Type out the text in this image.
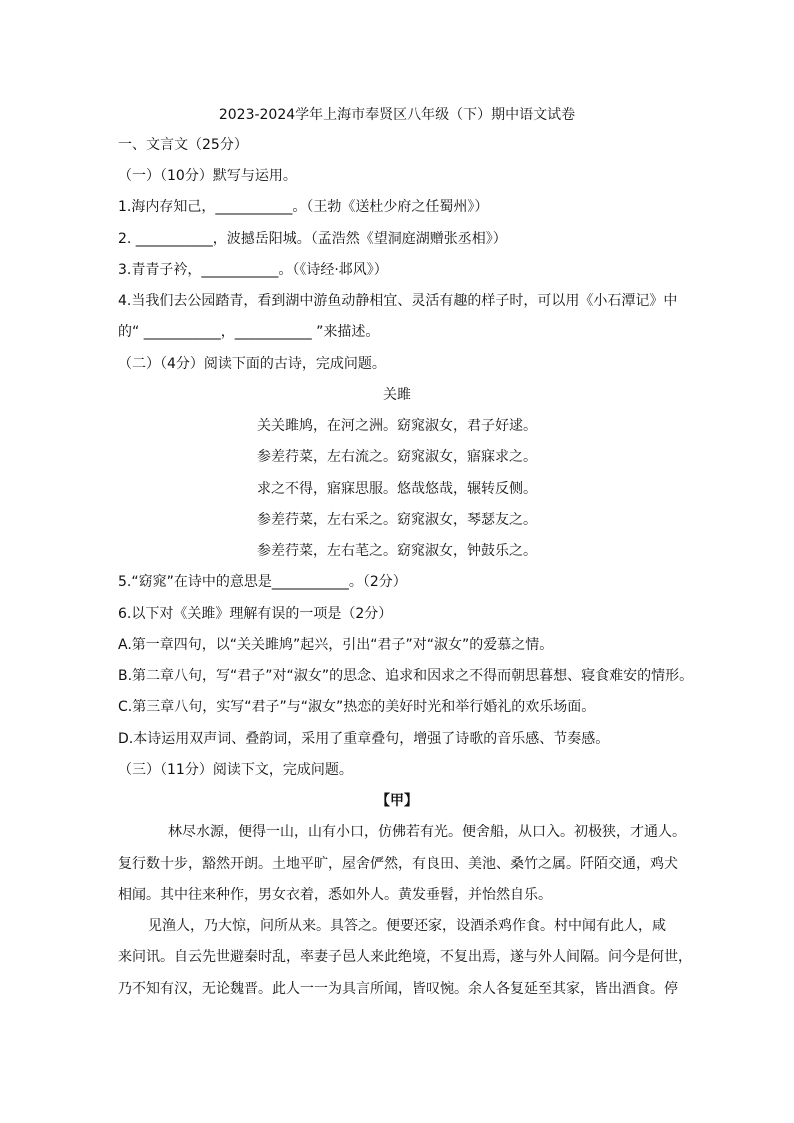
2023-2024学年上海市奉贤区八年级（下）期中语文试卷
一、文言文（25分）
（一）（10分）默写与运用。
1.海内存知己，___________。（王勃《送杜少府之任蜀州》）
2. ___________，波撼岳阳城。（孟浩然《望洞庭湖赠张丞相》）
3.青青子衿，___________。（《诗经·邶风》）
4.当我们去公园踏青，看到湖中游鱼动静相宜、灵活有趣的样子时，可以用《小石潭记》中
的“ ___________，___________ ”来描述。
（二）（4分）阅读下面的古诗，完成问题。
关雎
关关雎鸠，在河之洲。窈窕淑女，君子好逑。
参差荇菜，左右流之。窈窕淑女，寤寐求之。
求之不得，寤寐思服。悠哉悠哉，辗转反侧。
参差荇菜，左右采之。窈窕淑女，琴瑟友之。
参差荇菜，左右芼之。窈窕淑女，钟鼓乐之。
5.“窈窕”在诗中的意思是___________。（2分）
6.以下对《关雎》理解有误的一项是（2分）
A.第一章四句，以“关关雎鸠”起兴，引出“君子”对“淑女”的爱慕之情。
B.第二章八句，写“君子”对“淑女”的思念、追求和因求之不得而朝思暮想、寝食难安的情形。
C.第三章八句，实写“君子”与“淑女”热恋的美好时光和举行婚礼的欢乐场面。
D.本诗运用双声词、叠韵词，采用了重章叠句，增强了诗歌的音乐感、节奏感。
（三）（11分）阅读下文，完成问题。
【甲】
林尽水源，便得一山，山有小口，仿佛若有光。便舍船，从口入。初极狭，才通人。
复行数十步，豁然开朗。土地平旷，屋舍俨然，有良田、美池、桑竹之属。阡陌交通，鸡犬
相闻。其中往来种作，男女衣着，悉如外人。黄发垂髫，并怡然自乐。
见渔人，乃大惊，问所从来。具答之。便要还家，设酒杀鸡作食。村中闻有此人，咸
来问讯。自云先世避秦时乱，率妻子邑人来此绝境，不复出焉，遂与外人间隔。问今是何世，
乃不知有汉，无论魏晋。此人一一为具言所闻，皆叹惋。余人各复延至其家，皆出酒食。停
